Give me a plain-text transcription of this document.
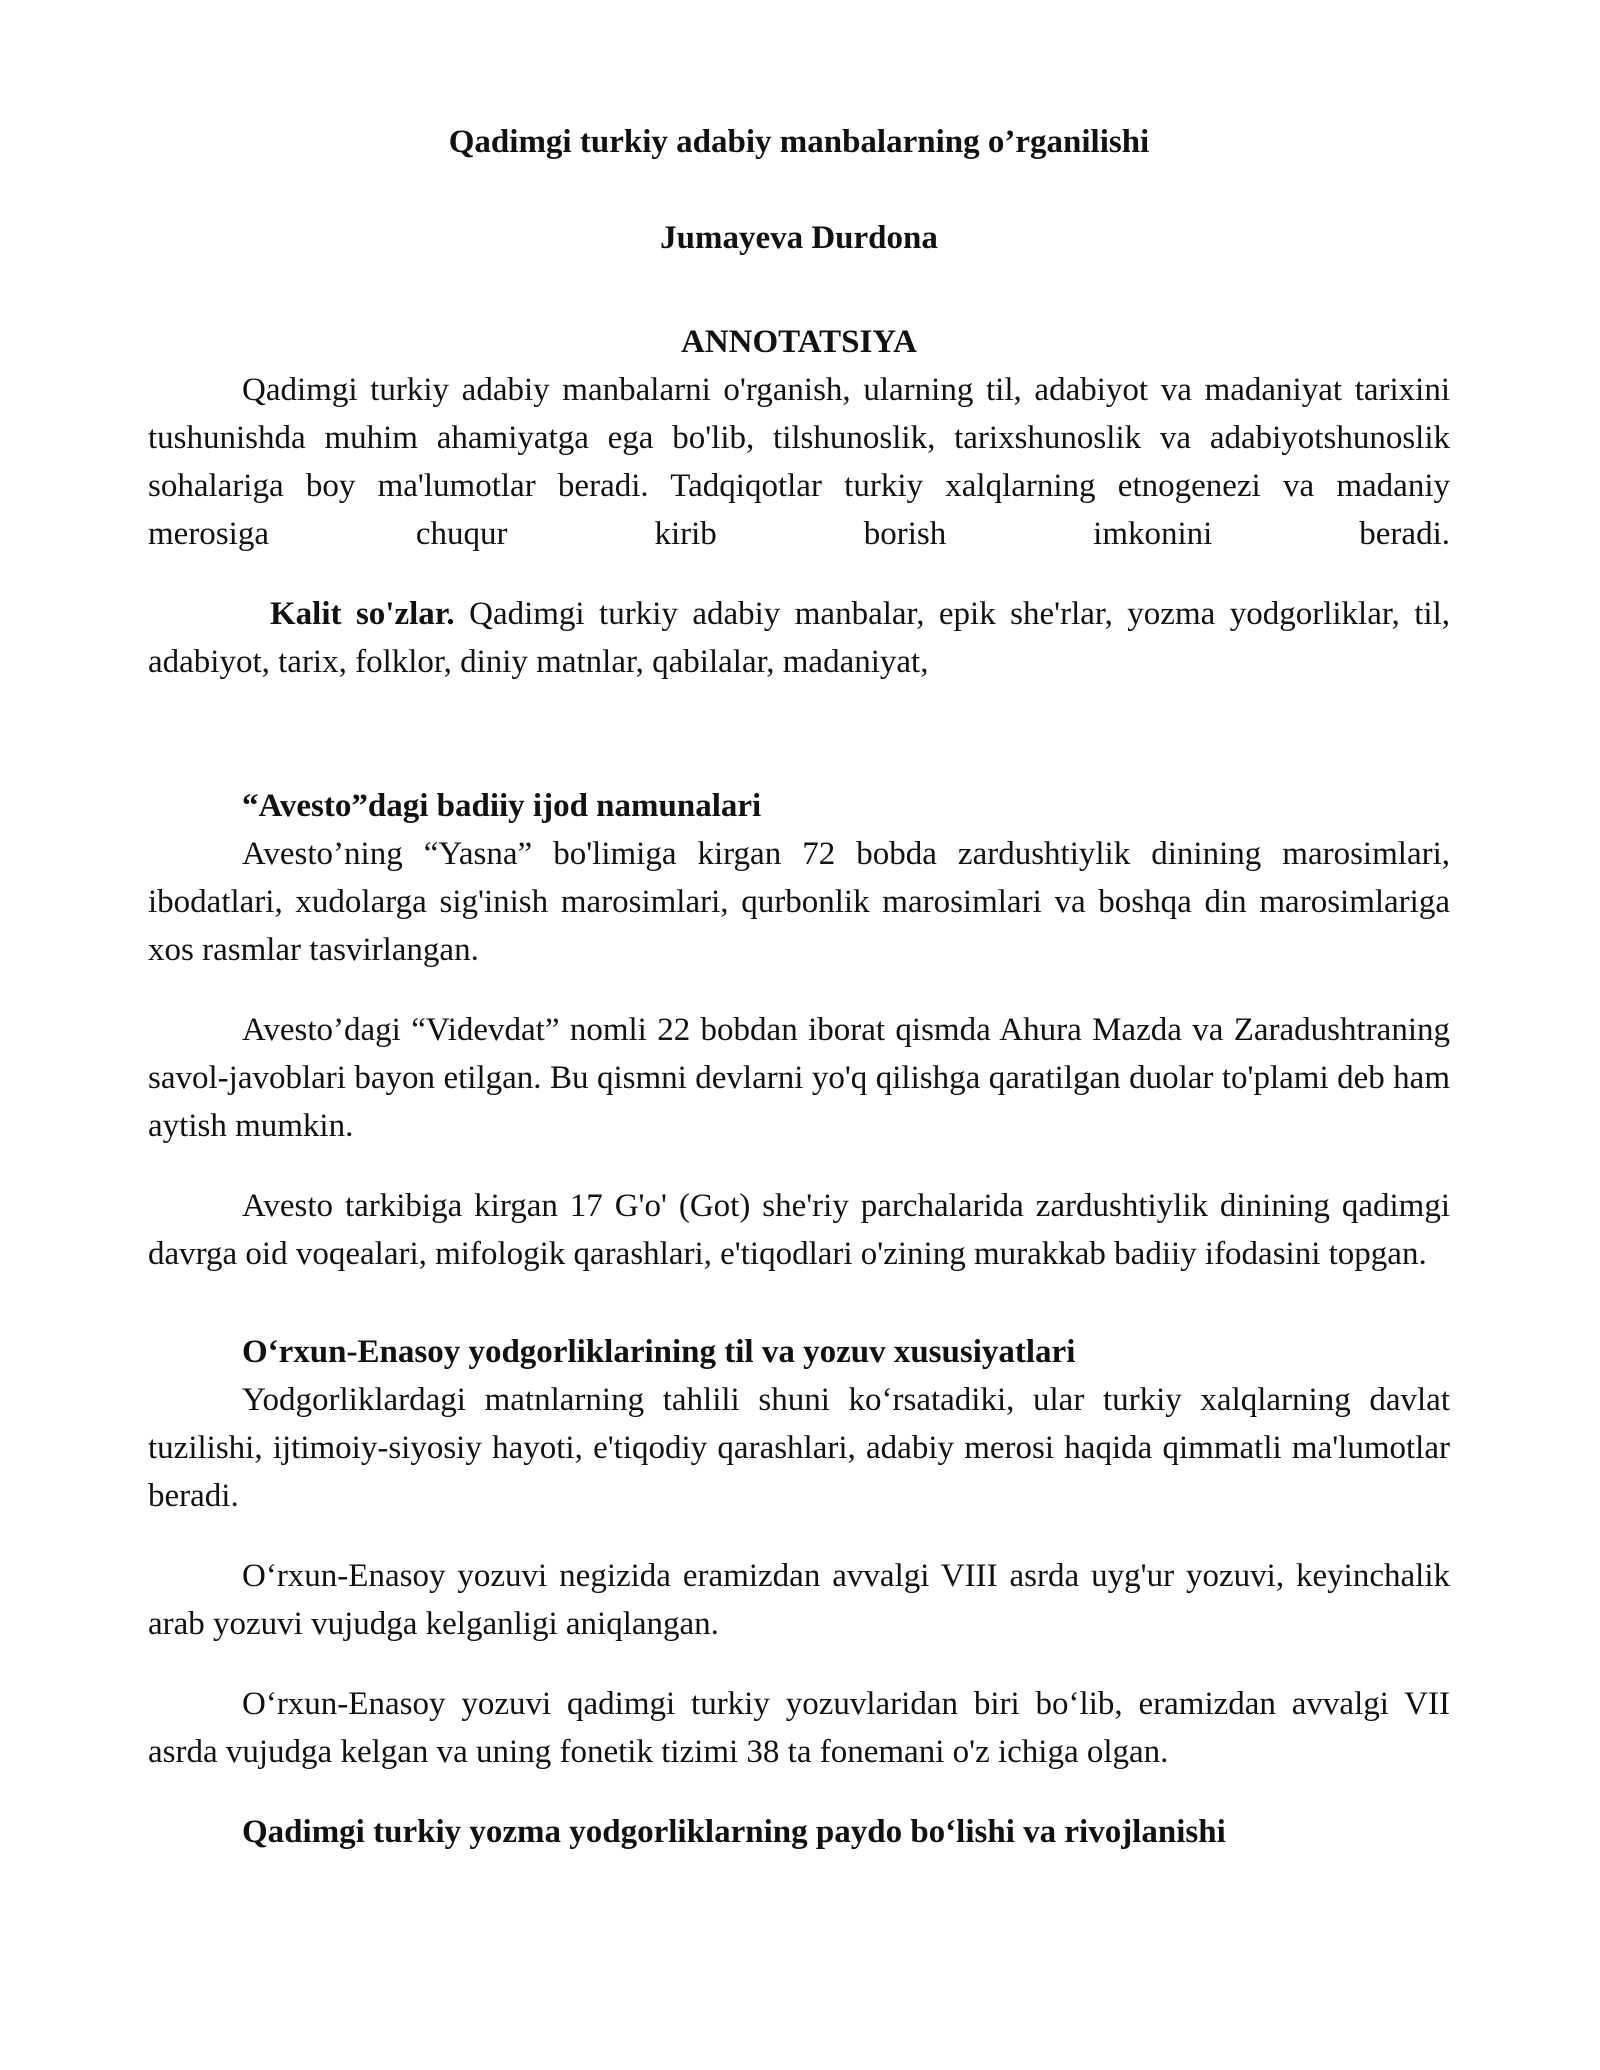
Qadimgi turkiy adabiy manbalarning o’rganilishi

Jumayeva Durdona

ANNOTATSIYA

Qadimgi turkiy adabiy manbalarni o'rganish, ularning til, adabiyot va madaniyat tarixini tushunishda muhim ahamiyatga ega bo'lib, tilshunoslik, tarixshunoslik va adabiyotshunoslik sohalariga boy ma'lumotlar beradi. Tadqiqotlar turkiy xalqlarning etnogenezi va madaniy merosiga chuqur kirib borish imkonini beradi.

Kalit so'zlar. Qadimgi turkiy adabiy manbalar, epik she'rlar, yozma yodgorliklar, til, adabiyot, tarix, folklor, diniy matnlar, qabilalar, madaniyat,

“Avesto”dagi badiiy ijod namunalari

Avesto’ning “Yasna” bo'limiga kirgan 72 bobda zardushtiylik dinining marosimlari, ibodatlari, xudolarga sig'inish marosimlari, qurbonlik marosimlari va boshqa din marosimlariga xos rasmlar tasvirlangan.

Avesto’dagi “Videvdat” nomli 22 bobdan iborat qismda Ahura Mazda va Zaradushtraning savol-javoblari bayon etilgan. Bu qismni devlarni yo'q qilishga qaratilgan duolar to'plami deb ham aytish mumkin.

Avesto tarkibiga kirgan 17 G'o' (Got) she'riy parchalarida zardushtiylik dinining qadimgi davrga oid voqealari, mifologik qarashlari, e'tiqodlari o'zining murakkab badiiy ifodasini topgan.

O‘rxun-Enasoy yodgorliklarining til va yozuv xususiyatlari

Yodgorliklardagi matnlarning tahlili shuni ko‘rsatadiki, ular turkiy xalqlarning davlat tuzilishi, ijtimoiy-siyosiy hayoti, e'tiqodiy qarashlari, adabiy merosi haqida qimmatli ma'lumotlar beradi.

O‘rxun-Enasoy yozuvi negizida eramizdan avvalgi VIII asrda uyg'ur yozuvi, keyinchalik arab yozuvi vujudga kelganligi aniqlangan.

O‘rxun-Enasoy yozuvi qadimgi turkiy yozuvlaridan biri bo‘lib, eramizdan avvalgi VII asrda vujudga kelgan va uning fonetik tizimi 38 ta fonemani o'z ichiga olgan.

Qadimgi turkiy yozma yodgorliklarning paydo bo‘lishi va rivojlanishi
